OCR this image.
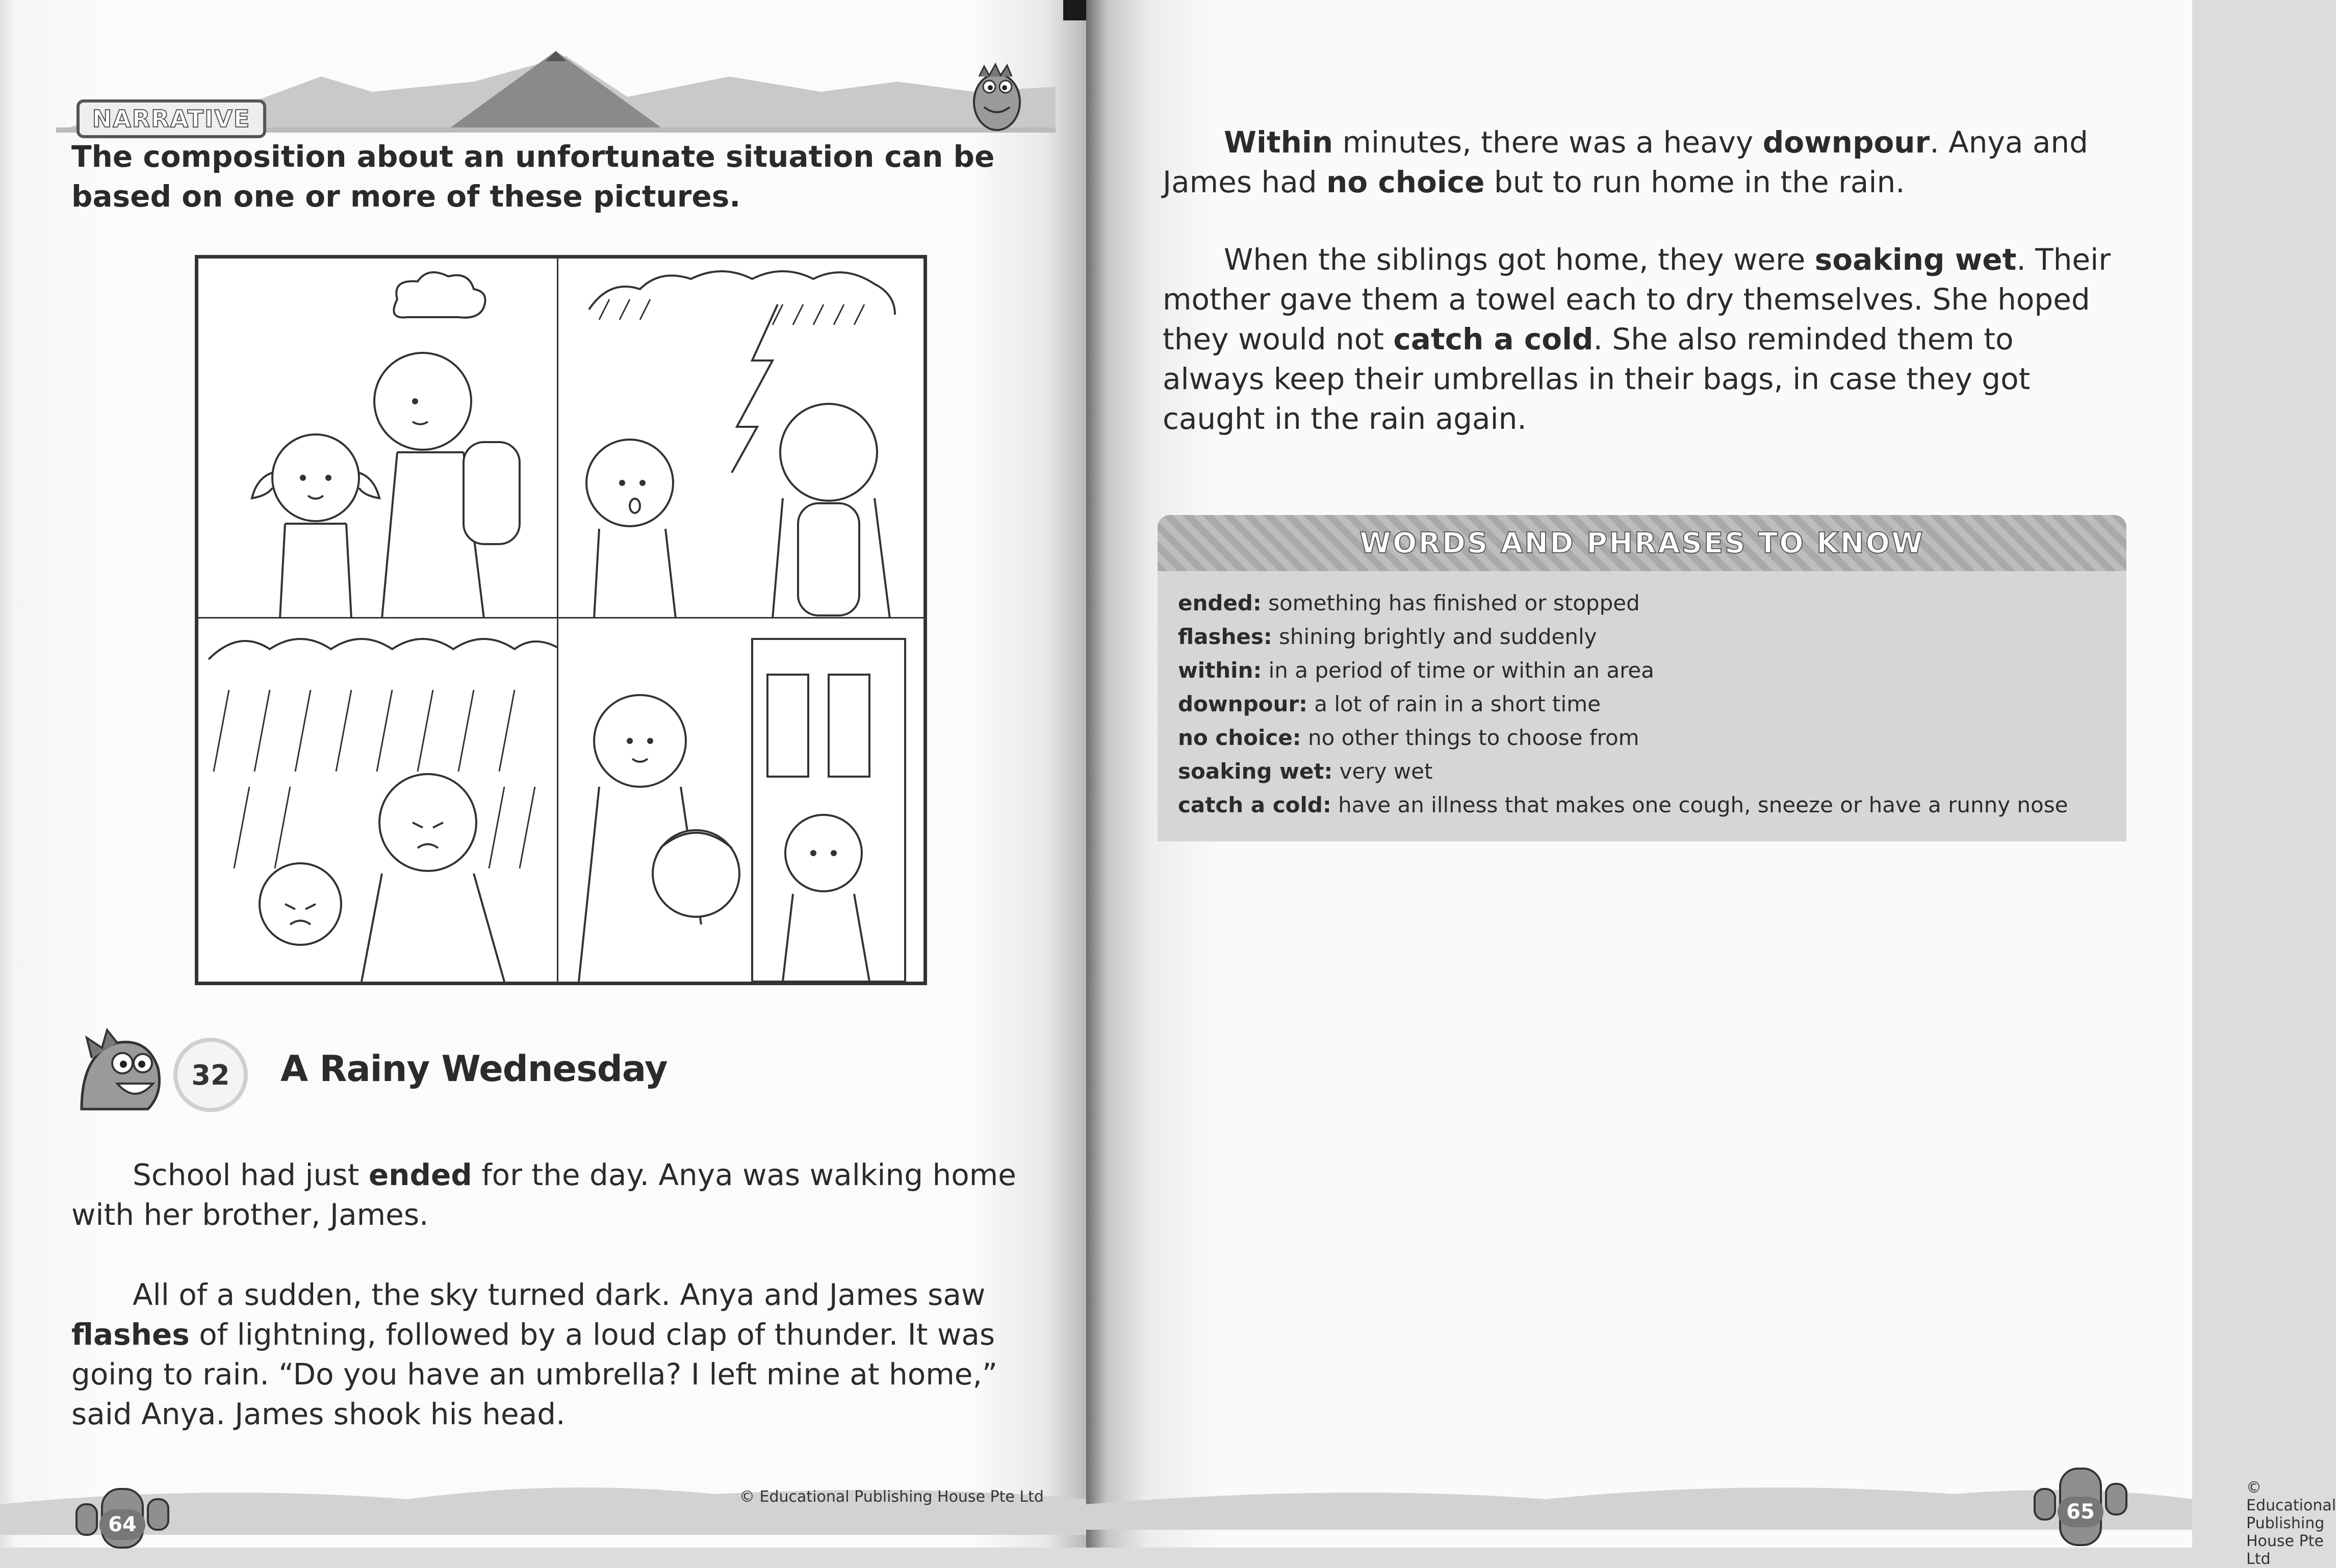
NARRATIVE
The composition about an unfortunate situation can be based on one or more of these pictures.
32	A Rainy Wednesday
School had just ended for the day. Anya was walking home with her brother, James.
All of a sudden, the sky turned dark. Anya and James saw flashes of lightning, followed by a loud clap of thunder. It was going to rain. “Do you have an umbrella? I left mine at home,” said Anya. James shook his head.
64
© Educational Publishing House Pte Ltd
Within minutes, there was a heavy downpour. Anya and James had no choice but to run home in the rain.
When the siblings got home, they were soaking wet. Their mother gave them a towel each to dry themselves. She hoped they would not catch a cold. She also reminded them to always keep their umbrellas in their bags, in case they got caught in the rain again.
65
© Educational Publishing House Pte Ltd
WORDS AND PHRASES TO KNOW
ended: something has finished or stopped
flashes: shining brightly and suddenly
within: in a period of time or within an area
downpour: a lot of rain in a short time
no choice: no other things to choose from
soaking wet: very wet
catch a cold: have an illness that makes one cough, sneeze or have a runny nose
